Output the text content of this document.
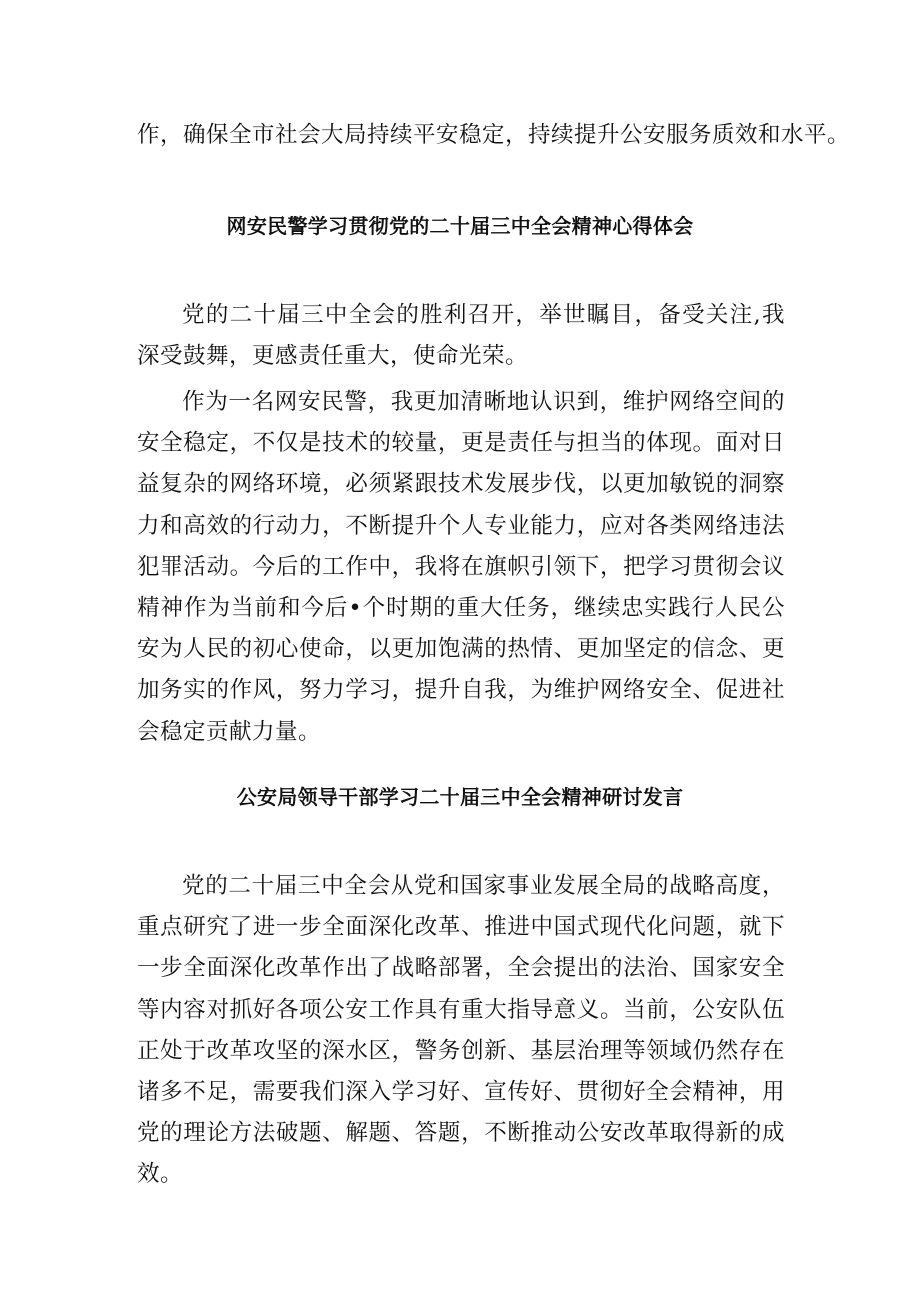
作，确保全市社会大局持续平安稳定，持续提升公安服务质效和水平。
网安民警学习贯彻党的二十届三中全会精神心得体会
党的二十届三中全会的胜利召开，举世瞩目，备受关注,我深受鼓舞，更感责任重大，使命光荣。
作为一名网安民警，我更加清晰地认识到，维护网络空间的安全稳定，不仅是技术的较量，更是责任与担当的体现。面对日益复杂的网络环境，必须紧跟技术发展步伐，以更加敏锐的洞察力和高效的行动力，不断提升个人专业能力，应对各类网络违法犯罪活动。今后的工作中，我将在旗帜引领下，把学习贯彻会议精神作为当前和今后•个时期的重大任务，继续忠实践行人民公安为人民的初心使命，以更加饱满的热情、更加坚定的信念、更加务实的作风，努力学习，提升自我，为维护网络安全、促进社会稳定贡献力量。
公安局领导干部学习二十届三中全会精神研讨发言
党的二十届三中全会从党和国家事业发展全局的战略高度，重点研究了进一步全面深化改革、推进中国式现代化问题，就下一步全面深化改革作出了战略部署，全会提出的法治、国家安全等内容对抓好各项公安工作具有重大指导意义。当前，公安队伍正处于改革攻坚的深水区，警务创新、基层治理等领域仍然存在诸多不足，需要我们深入学习好、宣传好、贯彻好全会精神，用党的理论方法破题、解题、答题，不断推动公安改革取得新的成效。
